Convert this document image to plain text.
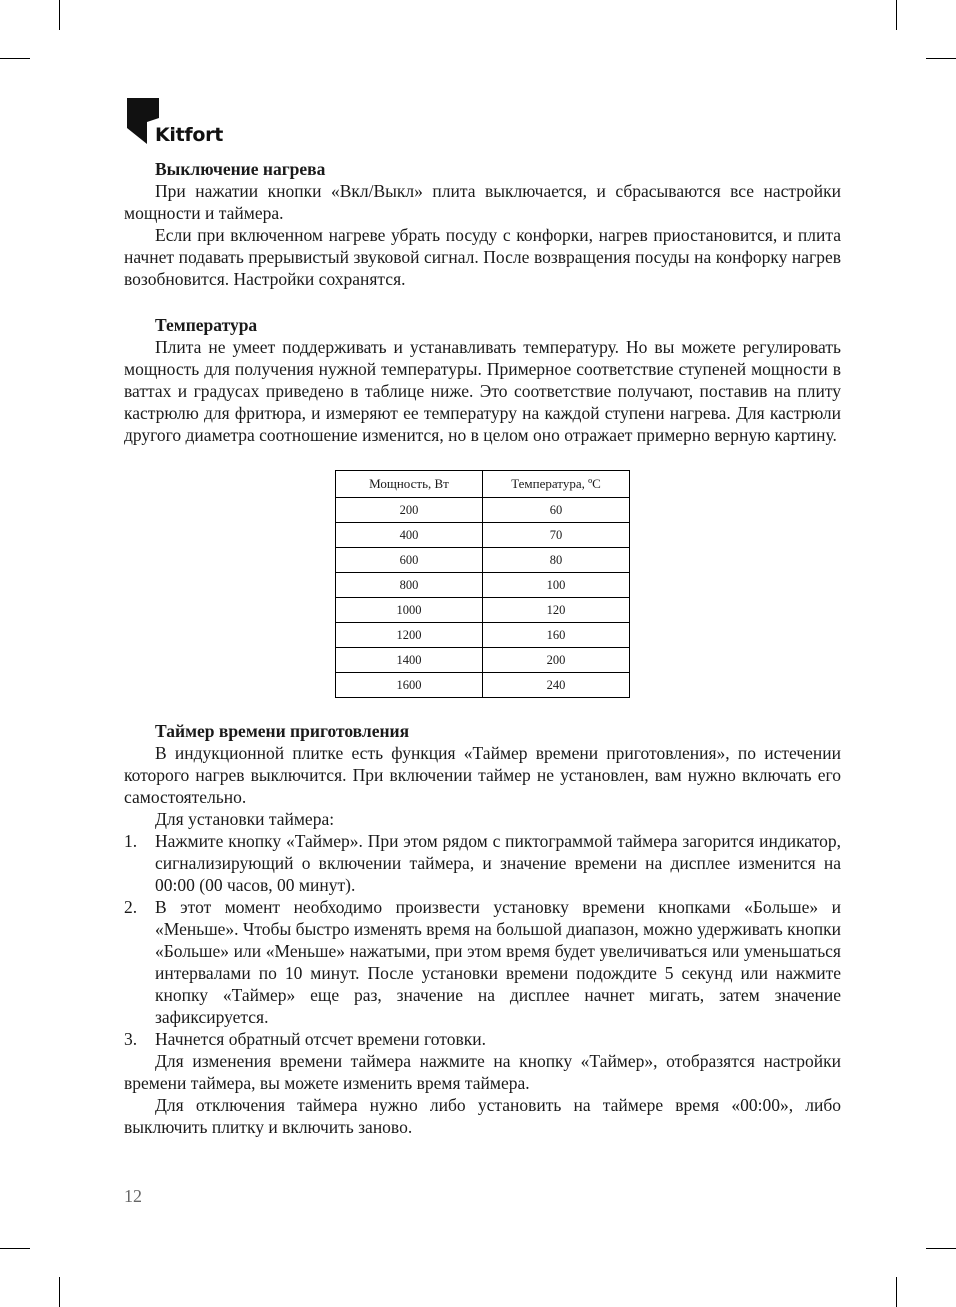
Kitfort
Выключение нагрева

При нажатии кнопки «Вкл/Выкл» плита выключается, и сбрасываются все настройки мощности и таймера.

Если при включенном нагреве убрать посуду с конфорки, нагрев приостановится, и плита начнет подавать прерывистый звуковой сигнал. После возвращения посуды на конфорку нагрев возобновится. Настройки сохранятся.

Температура

Плита не умеет поддерживать и устанавливать температуру. Но вы можете регулировать мощность для получения нужной температуры. Примерное соответствие ступеней мощности в ваттах и градусах приведено в таблице ниже. Это соответствие получают, поставив на плиту кастрюлю для фритюра, и измеряют ее температуру на каждой ступени нагрева. Для кастрюли другого диаметра соотношение изменится, но в целом оно отражает примерно верную картину.

Мощность, Вт	Температура, ºС
200	60
400	70
600	80
800	100
1000	120
1200	160
1400	200
1600	240
Таймер времени приготовления

В индукционной плитке есть функция «Таймер времени приготовления», по истечении которого нагрев выключится. При включении таймер не установлен, вам нужно включать его самостоятельно.

Для установки таймера:

1. Нажмите кнопку «Таймер». При этом рядом с пиктограммой таймера загорится индикатор, сигнализирующий о включении таймера, и значение времени на дисплее изменится на 00:00 (00 часов, 00 минут).
2. В этот момент необходимо произвести установку времени кнопками «Больше» и «Меньше». Чтобы быстро изменять время на большой диапазон, можно удерживать кнопки «Больше» или «Меньше» нажатыми, при этом время будет увеличиваться или уменьшаться интервалами по 10 минут. После установки времени подождите 5 секунд или нажмите кнопку «Таймер» еще раз, значение на дисплее начнет мигать, затем значение зафиксируется.
3. Начнется обратный отсчет времени готовки.

Для изменения времени таймера нажмите на кнопку «Таймер», отобразятся настройки времени таймера, вы можете изменить время таймера.

Для отключения таймера нужно либо установить на таймере время «00:00», либо выключить плитку и включить заново.

12
